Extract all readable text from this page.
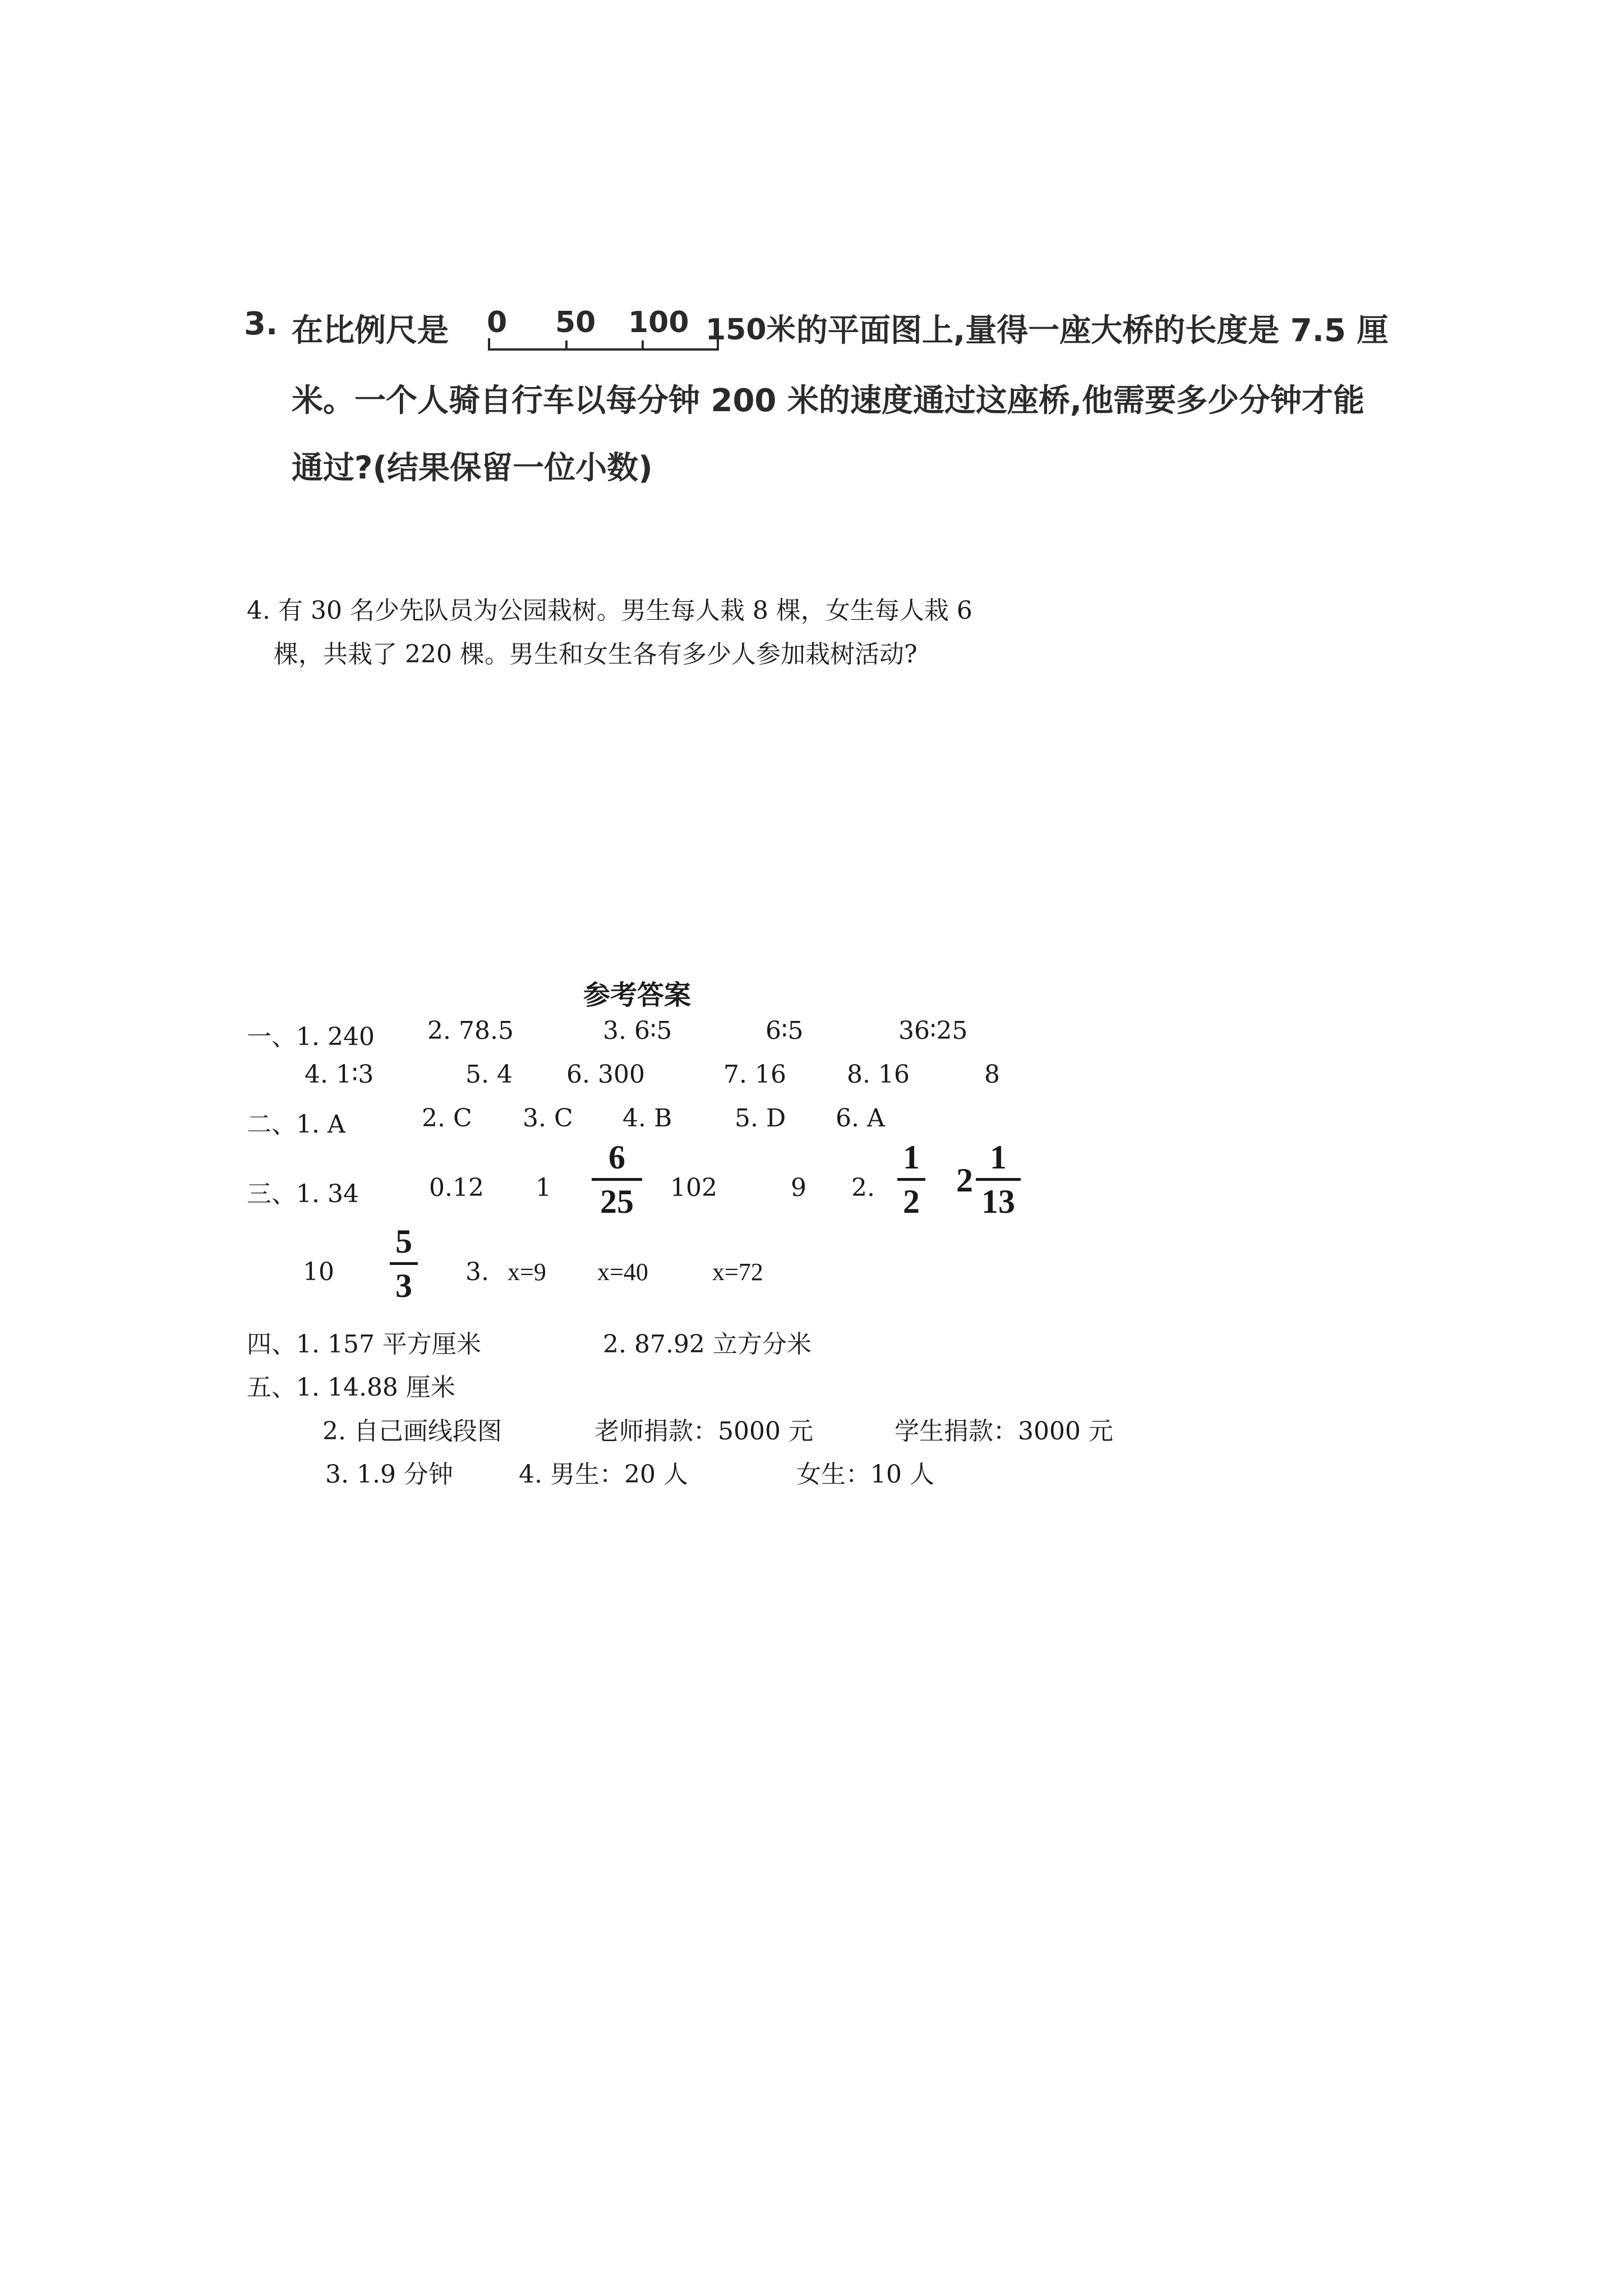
3. 在比例尺是 0 50 100 150米 的平面图上,量得一座大桥的长度是 7.5 厘
米。一个人骑自行车以每分钟 200 米的速度通过这座桥,他需要多少分钟才能
通过?(结果保留一位小数)
4. 有 30 名少先队员为公园栽树。男生每人栽 8 棵，女生每人栽 6
棵，共栽了 220 棵。男生和女生各有多少人参加栽树活动?
参考答案
一、1. 240 2. 78.5	3. 6∶5	6∶5	36∶25
4. 1∶3	5. 4 6. 300	7. 16 8. 16	8
二、1. A	2. C 3. C 4. B	5. D 6. A
三、1. 34	0.12 1
6
25	102	9 2.
1
2
2
1
13
10
5
3 3. x=9 x=40	x=72
四、1. 157 平方厘米	2. 87.92 立方分米
五、1. 14.88 厘米
2. 自己画线段图	老师捐款：5000 元	学生捐款：3000 元
3. 1.9 分钟	4. 男生：20 人	女生：10 人
